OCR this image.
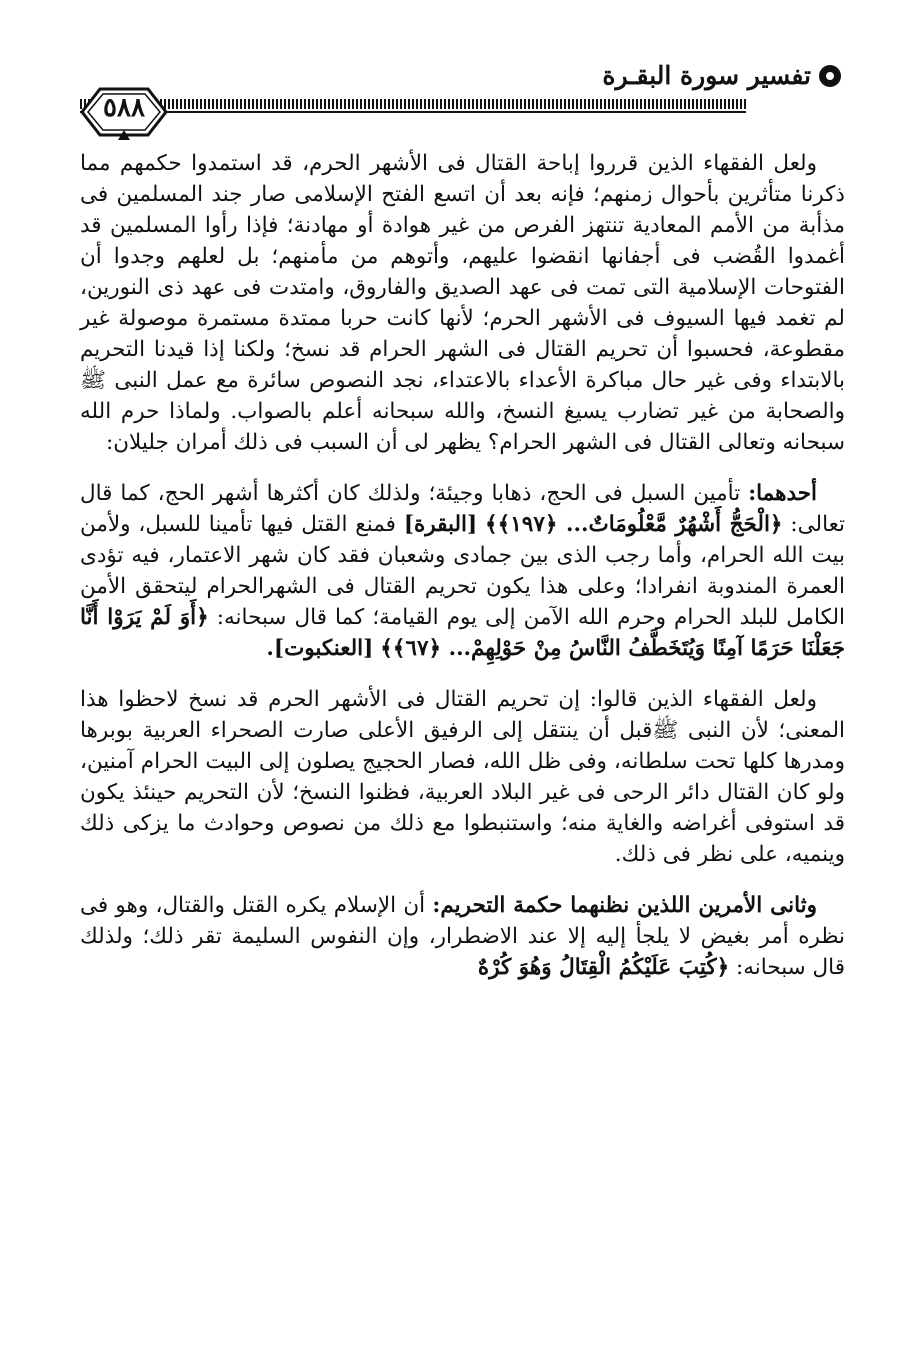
تفسير سورة البقـرة
٥٨٨

ولعل الفقهاء الذين قرروا إباحة القتال فى الأشهر الحرم، قد استمدوا حكمهم مما ذكرنا متأثرين بأحوال زمنهم؛ فإنه بعد أن اتسع الفتح الإسلامى صار جند المسلمين فى مذأبة من الأمم المعادية تنتهز الفرص من غير هوادة أو مهادنة؛ فإذا رأوا المسلمين قد أغمدوا القُضب فى أجفانها انقضوا عليهم، وأتوهم من مأمنهم؛ بل لعلهم وجدوا أن الفتوحات الإسلامية التى تمت فى عهد الصديق والفاروق، وامتدت فى عهد ذى النورين، لم تغمد فيها السيوف فى الأشهر الحرم؛ لأنها كانت حربا ممتدة مستمرة موصولة غير مقطوعة، فحسبوا أن تحريم القتال فى الشهر الحرام قد نسخ؛ ولكنا إذا قيدنا التحريم بالابتداء وفى غير حال مباكرة الأعداء بالاعتداء، نجد النصوص سائرة مع عمل النبى ﷺ والصحابة من غير تضارب يسيغ النسخ، والله سبحانه أعلم بالصواب. ولماذا حرم الله سبحانه وتعالى القتال فى الشهر الحرام؟ يظهر لى أن السبب فى ذلك أمران جليلان:

أحدهما: تأمين السبل فى الحج، ذهابا وجيئة؛ ولذلك كان أكثرها أشهر الحج، كما قال تعالى: ﴿الْحَجُّ أَشْهُرٌ مَّعْلُومَاتٌ... ﴿١٩٧﴾﴾ [البقرة] فمنع القتل فيها تأمينا للسبل، ولأمن بيت الله الحرام، وأما رجب الذى بين جمادى وشعبان فقد كان شهر الاعتمار، فيه تؤدى العمرة المندوبة انفرادا؛ وعلى هذا يكون تحريم القتال فى الشهرالحرام ليتحقق الأمن الكامل للبلد الحرام وحرم الله الآمن إلى يوم القيامة؛ كما قال سبحانه: ﴿أَوَ لَمْ يَرَوْا أَنَّا جَعَلْنَا حَرَمًا آمِنًا وَيُتَخَطَّفُ النَّاسُ مِنْ حَوْلِهِمْ... ﴿٦٧﴾﴾ [العنكبوت].

ولعل الفقهاء الذين قالوا: إن تحريم القتال فى الأشهر الحرم قد نسخ لاحظوا هذا المعنى؛ لأن النبى ﷺقبل أن ينتقل إلى الرفيق الأعلى صارت الصحراء العربية بوبرها ومدرها كلها تحت سلطانه، وفى ظل الله، فصار الحجيج يصلون إلى البيت الحرام آمنين، ولو كان القتال دائر الرحى فى غير البلاد العربية، فظنوا النسخ؛ لأن التحريم حينئذ يكون قد استوفى أغراضه والغاية منه؛ واستنبطوا مع ذلك من نصوص وحوادث ما يزكى ذلك وينميه، على نظر فى ذلك.

وثانى الأمرين اللذين نظنهما حكمة التحريم: أن الإسلام يكره القتل والقتال، وهو فى نظره أمر بغيض لا يلجأ إليه إلا عند الاضطرار، وإن النفوس السليمة تقر ذلك؛ ولذلك قال سبحانه: ﴿كُتِبَ عَلَيْكُمُ الْقِتَالُ وَهُوَ كُرْهٌ
